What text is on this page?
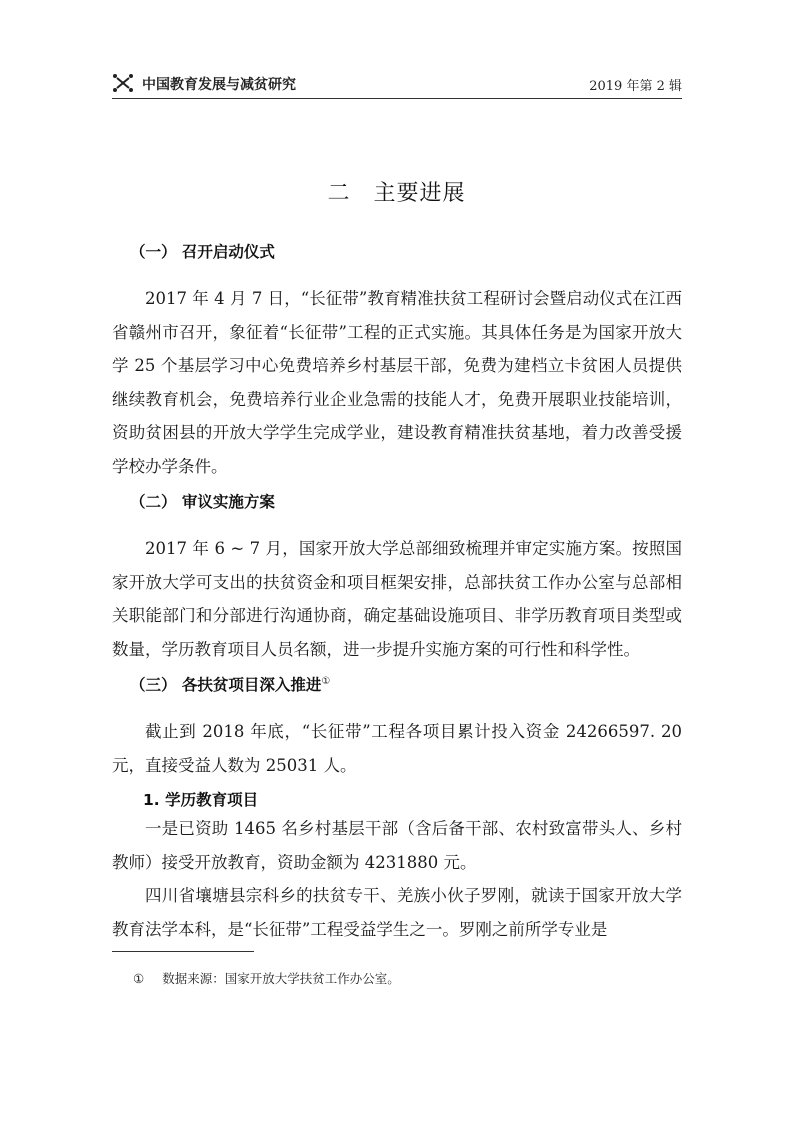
中国教育发展与减贫研究	2019 年第 2 辑
二　主要进展
（一） 召开启动仪式

2017 年 4 月 7 日，“长征带”教育精准扶贫工程研讨会暨启动仪式在江西省赣州市召开，象征着“长征带”工程的正式实施。其具体任务是为国家开放大学 25 个基层学习中心免费培养乡村基层干部，免费为建档立卡贫困人员提供继续教育机会，免费培养行业企业急需的技能人才，免费开展职业技能培训，资助贫困县的开放大学学生完成学业，建设教育精准扶贫基地，着力改善受援学校办学条件。

（二） 审议实施方案

2017 年 6 ~ 7 月，国家开放大学总部细致梳理并审定实施方案。按照国家开放大学可支出的扶贫资金和项目框架安排，总部扶贫工作办公室与总部相关职能部门和分部进行沟通协商，确定基础设施项目、非学历教育项目类型或数量，学历教育项目人员名额，进一步提升实施方案的可行性和科学性。

（三） 各扶贫项目深入推进①

截止到 2018 年底，“长征带”工程各项目累计投入资金 24266597. 20 元，直接受益人数为 25031 人。

1. 学历教育项目

一是已资助 1465 名乡村基层干部（含后备干部、农村致富带头人、乡村教师）接受开放教育，资助金额为 4231880 元。

四川省壤塘县宗科乡的扶贫专干、羌族小伙子罗刚，就读于国家开放大学教育法学本科，是“长征带”工程受益学生之一。罗刚之前所学专业是

① 数据来源：国家开放大学扶贫工作办公室。
